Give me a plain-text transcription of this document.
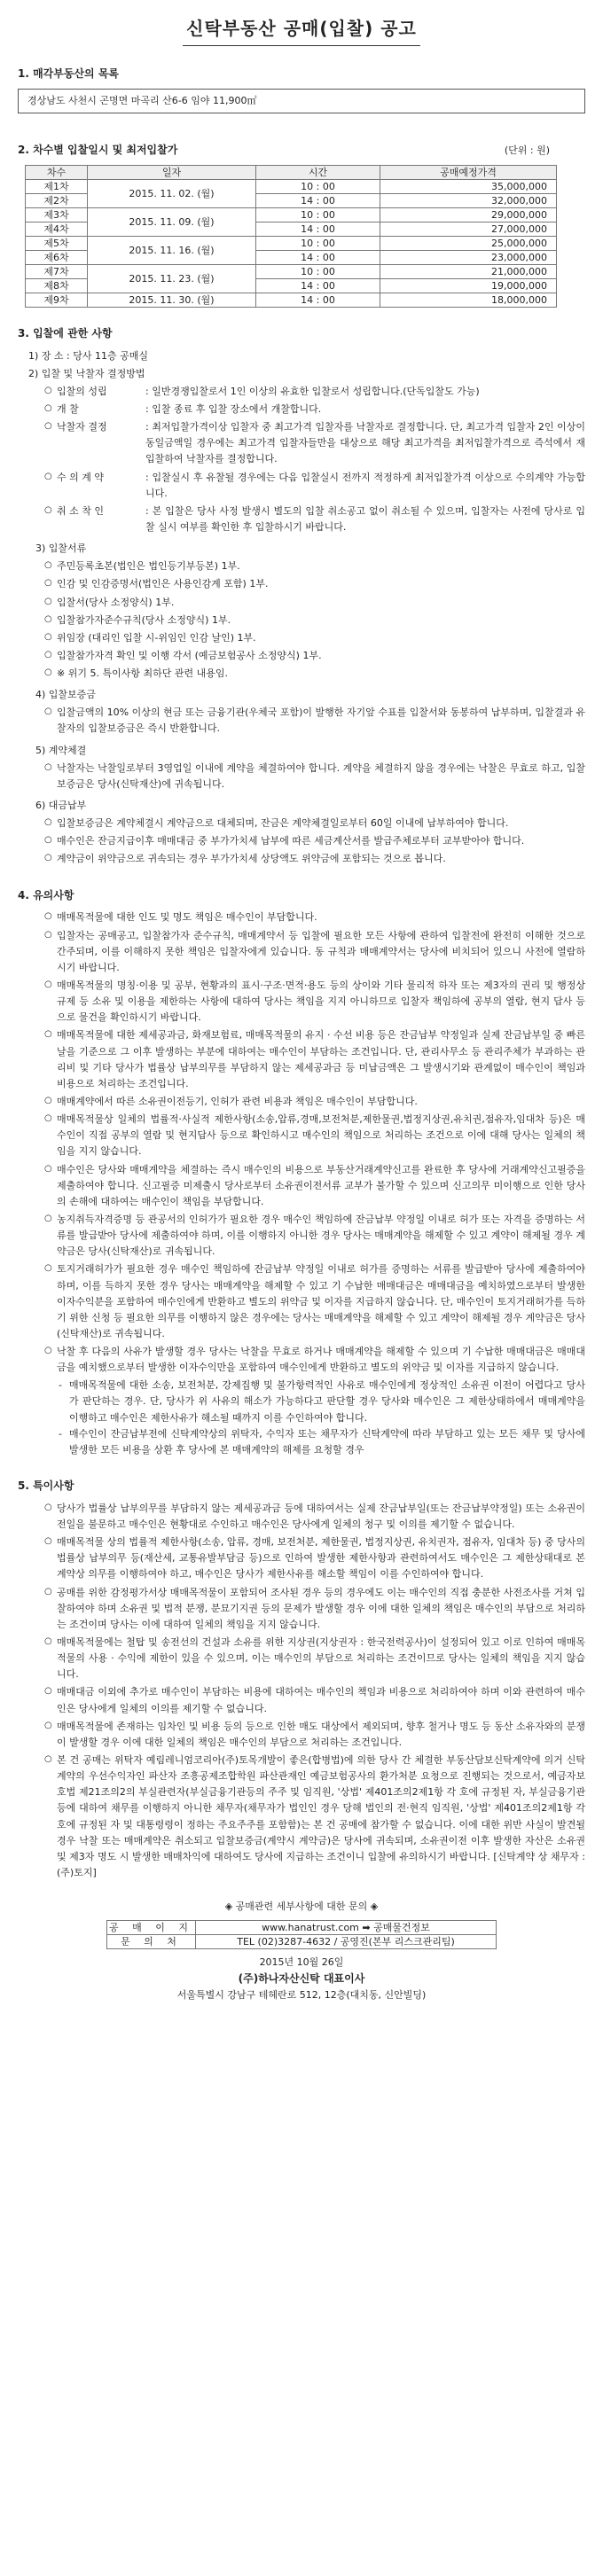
신탁부동산 공매(입찰) 공고
1. 매각부동산의 목록
경상남도 사천시 곤명면 마곡리 산6-6 임야 11,900㎡
2. 차수별 입찰일시 및 최저입찰가	(단위 : 원)
차수	일자	시간	공매예정가격
제1차	2015. 11. 02. (월)	10 : 00	35,000,000
제2차		14 : 00	32,000,000
제3차	2015. 11. 09. (월)	10 : 00	29,000,000
제4차		14 : 00	27,000,000
제5차	2015. 11. 16. (월)	10 : 00	25,000,000
제6차		14 : 00	23,000,000
제7차	2015. 11. 23. (월)	10 : 00	21,000,000
제8차		14 : 00	19,000,000
제9차	2015. 11. 30. (월)	14 : 00	18,000,000
3. 입찰에 관한 사항
1) 장 소 : 당사 11층 공매실
2) 입찰 및 낙찰자 결정방법
○ 입찰의 성립	: 일반경쟁입찰로서 1인 이상의 유효한 입찰로서 성립합니다.(단독입찰도 가능)
○ 개 찰	: 입찰 종료 후 입찰 장소에서 개찰합니다.
○ 낙찰자 결정	: 최저입찰가격이상 입찰자 중 최고가격 입찰자를 낙찰자로 결정합니다. 단, 최고가격 입찰자 2인 이상이 동일금액일 경우에는 최고가격 입찰자들만을 대상으로 해당 최고가격을 최저입찰가격으로 즉석에서 재입찰하여 낙찰자를 결정합니다.
○ 수 의 계 약	: 입찰실시 후 유찰될 경우에는 다음 입찰실시 전까지 적정하게 최저입찰가격 이상으로 수의계약 가능합니다.
○ 취 소 착 인	: 본 입찰은 당사 사정 발생시 별도의 입찰 취소공고 없이 취소될 수 있으며, 입찰자는 사전에 당사로 입찰 실시 여부를 확인한 후 입찰하시기 바랍니다.
3) 입찰서류
○ 주민등록초본(법인은 법인등기부등본) 1부.
○ 인감 및 인감증명서(법인은 사용인감계 포함) 1부.
○ 입찰서(당사 소정양식) 1부.
○ 입찰참가자준수규칙(당사 소정양식) 1부.
○ 위임장 (대리인 입찰 시-위임인 인감 날인) 1부.
○ 입찰참가자격 확인 및 이행 각서 (예금보험공사 소정양식) 1부.
○ ※ 위기 5. 특이사항 최하단 관련 내용임.
4) 입찰보증금
○ 입찰금액의 10% 이상의 현금 또는 금융기관(우체국 포함)이 발행한 자기앞 수표를 입찰서와 동봉하여 납부하며, 입찰결과 유찰자의 입찰보증금은 즉시 반환합니다.
5) 계약체결
○ 낙찰자는 낙찰일로부터 3영업일 이내에 계약을 체결하여야 합니다. 계약을 체결하지 않을 경우에는 낙찰은 무효로 하고, 입찰보증금은 당사(신탁재산)에 귀속됩니다.
6) 대금납부
○ 입찰보증금은 계약체결시 계약금으로 대체되며, 잔금은 계약체결일로부터 60일 이내에 납부하여야 합니다.
○ 매수인은 잔금지급이후 매매대금 중 부가가치세 납부에 따른 세금계산서를 발급주체로부터 교부받아야 합니다.
○ 계약금이 위약금으로 귀속되는 경우 부가가치세 상당액도 위약금에 포함되는 것으로 봅니다.
4. 유의사항
○ 매매목적물에 대한 인도 및 명도 책임은 매수인이 부담합니다.
○ 입찰자는 공매공고, 입찰참가자 준수규칙, 매매계약서 등 입찰에 필요한 모든 사항에 관하여 입찰전에 완전히 이해한 것으로 간주되며, 이를 이해하지 못한 책임은 입찰자에게 있습니다. 동 규칙과 매매계약서는 당사에 비치되어 있으니 사전에 열람하시기 바랍니다.
○ 매매목적물의 명칭·이용 및 공부, 현황과의 표시·구조·면적·용도 등의 상이와 기타 물리적 하자 또는 제3자의 권리 및 행정상 규제 등 소유 및 이용을 제한하는 사항에 대하여 당사는 책임을 지지 아니하므로 입찰자 책임하에 공부의 열람, 현지 답사 등으로 물건을 확인하시기 바랍니다.
○ 매매목적물에 대한 제세공과금, 화재보험료, 매매목적물의 유지 · 수선 비용 등은 잔금납부 약정일과 실제 잔금납부일 중 빠른 날을 기준으로 그 이후 발생하는 부분에 대하여는 매수인이 부담하는 조건입니다. 단, 관리사무소 등 관리주체가 부과하는 관리비 및 기타 당사가 법률상 납부의무를 부담하지 않는 제세공과금 등 미납금액은 그 발생시기와 관계없이 매수인이 책임과 비용으로 처리하는 조건입니다.
○ 매매계약에서 따른 소유권이전등기, 인허가 관련 비용과 책임은 매수인이 부담합니다.
○ 매매목적물상 일체의 법률적·사실적 제한사항(소송,압류,경매,보전처분,제한물권,법정지상권,유치권,점유자,임대차 등)은 매수인이 직접 공부의 열람 및 현지답사 등으로 확인하시고 매수인의 책임으로 처리하는 조건으로 이에 대해 당사는 일체의 책임을 지지 않습니다.
○ 매수인은 당사와 매매계약을 체결하는 즉시 매수인의 비용으로 부동산거래계약신고를 완료한 후 당사에 거래계약신고필증을 제출하여야 합니다. 신고필증 미제출시 당사로부터 소유권이전서류 교부가 불가할 수 있으며 신고의무 미이행으로 인한 당사의 손해에 대하여는 매수인이 책임을 부담합니다.
○ 농지취득자격증명 등 관공서의 인허가가 필요한 경우 매수인 책임하에 잔금납부 약정일 이내로 허가 또는 자격을 증명하는 서류를 발급받아 당사에 제출하여야 하며, 이를 이행하지 아니한 경우 당사는 매매계약을 해제할 수 있고 계약이 해제될 경우 계약금은 당사(신탁재산)로 귀속됩니다.
○ 토지거래허가가 필요한 경우 매수인 책임하에 잔금납부 약정일 이내로 허가를 증명하는 서류를 발급받아 당사에 제출하여야 하며, 이를 득하지 못한 경우 당사는 매매계약을 해제할 수 있고 기 수납한 매매대금은 매매대금을 예치하였으로부터 발생한 이자수익분을 포함하여 매수인에게 반환하고 별도의 위약금 및 이자를 지급하지 않습니다. 단, 매수인이 토지거래허가를 득하기 위한 신청 등 필요한 의무를 이행하지 않은 경우에는 당사는 매매계약을 해제할 수 있고 계약이 해제될 경우 계약금은 당사(신탁재산)로 귀속됩니다.
○ 낙찰 후 다음의 사유가 발생할 경우 당사는 낙찰을 무효로 하거나 매매계약을 해제할 수 있으며 기 수납한 매매대금은 매매대금을 예치했으로부터 발생한 이자수익만을 포함하여 매수인에게 반환하고 별도의 위약금 및 이자를 지급하지 않습니다.
- 매매목적물에 대한 소송, 보전처분, 강제집행 및 불가항력적인 사유로 매수인에게 정상적인 소유권 이전이 어렵다고 당사가 판단하는 경우. 단, 당사가 위 사유의 해소가 가능하다고 판단할 경우 당사와 매수인은 그 제한상태하에서 매매계약을 이행하고 매수인은 제한사유가 해소될 때까지 이를 수인하여야 합니다.
- 매수인이 잔금납부전에 신탁계약상의 위탁자, 수익자 또는 채무자가 신탁계약에 따라 부담하고 있는 모든 채무 및 당사에 발생한 모든 비용을 상환 후 당사에 본 매매계약의 해제를 요청할 경우
5. 특이사항
○ 당사가 법률상 납부의무를 부담하지 않는 제세공과금 등에 대하여서는 실제 잔금납부일(또는 잔금납부약정일) 또는 소유권이전일을 불문하고 매수인은 현황대로 수인하고 매수인은 당사에게 일체의 청구 및 이의를 제기할 수 없습니다.
○ 매매목적물 상의 법률적 제한사항(소송, 압류, 경매, 보전처분, 제한물권, 법정지상권, 유치권자, 점유자, 임대차 등) 중 당사의 법률상 납부의무 등(재산세, 교통유발부담금 등)으로 인하여 발생한 제한사항과 관련하여서도 매수인은 그 제한상태대로 본 계약상 의무를 이행하여야 하고, 매수인은 당사가 제한사유를 해소할 책임이 이를 수인하여야 합니다.
○ 공매를 위한 감정평가서상 매매목적물이 포함되어 조사된 경우 등의 경우에도 이는 매수인의 직접 충분한 사전조사를 거쳐 입찰하여야 하며 소유권 및 법적 분쟁, 분묘기지권 등의 문제가 발생할 경우 이에 대한 일체의 책임은 매수인의 부담으로 처리하는 조건이며 당사는 이에 대하여 일체의 책임을 지지 않습니다.
○ 매매목적물에는 철탑 및 송전선의 건설과 소유를 위한 지상권(지상권자 : 한국전력공사)이 설정되어 있고 이로 인하여 매매목적물의 사용 · 수익에 제한이 있을 수 있으며, 이는 매수인의 부담으로 처리하는 조건이므로 당사는 일체의 책임을 지지 않습니다.
○ 매매대금 이외에 추가로 매수인이 부담하는 비용에 대하여는 매수인의 책임과 비용으로 처리하여야 하며 이와 관련하여 매수인은 당사에게 일체의 이의를 제기할 수 없습니다.
○ 매매목적물에 존재하는 임차인 및 비용 등의 등으로 인한 매도 대상에서 제외되며, 향후 철거나 명도 등 동산 소유자와의 분쟁이 발생할 경우 이에 대한 일체의 책임은 매수인의 부담으로 처리하는 조건입니다.
○ 본 건 공매는 위탁자 예림레니엄코리아(주)토목개발이 좋은(합병법)에 의한 당사 간 체결한 부동산담보신탁계약에 의거 신탁계약의 우선수익자인 파산자 조흥공제조합학원 파산관재인 예금보험공사의 환가처분 요청으로 진행되는 것으로서, 예금자보호법 제21조의2의 부실관련자(부실금융기관등의 주주 및 임직원, '상법' 제401조의2제1항 각 호에 규정된 자, 부실금융기관등에 대하여 채무를 이행하지 아니한 채무자(채무자가 법인인 경우 당해 법인의 전·현직 임직원, '상법' 제401조의2제1항 각 호에 규정된 자 및 대통령령이 정하는 주요주주를 포함함)는 본 건 공매에 참가할 수 없습니다. 이에 대한 위반 사실이 발견될 경우 낙찰 또는 매매계약은 취소되고 입찰보증금(계약시 계약금)은 당사에 귀속되며, 소유권이전 이후 발생한 자산은 소유권 및 제3자 명도 시 발생한 매매차익에 대하여도 당사에 지급하는 조건이니 입찰에 유의하시기 바랍니다. [신탁계약 상 채무자 : (주)토지]
◈ 공매관련 세부사항에 대한 문의 ◈
공 매 이 지	www.hanatrust.com ➡ 공매물건정보
문 의 처	TEL (02)3287-4632 / 공영진(본부 리스크관리팀)
2015년 10월 26일
(주)하나자산신탁 대표이사
서울특별시 강남구 테헤란로 512, 12층(대치동, 신안빌딩)
